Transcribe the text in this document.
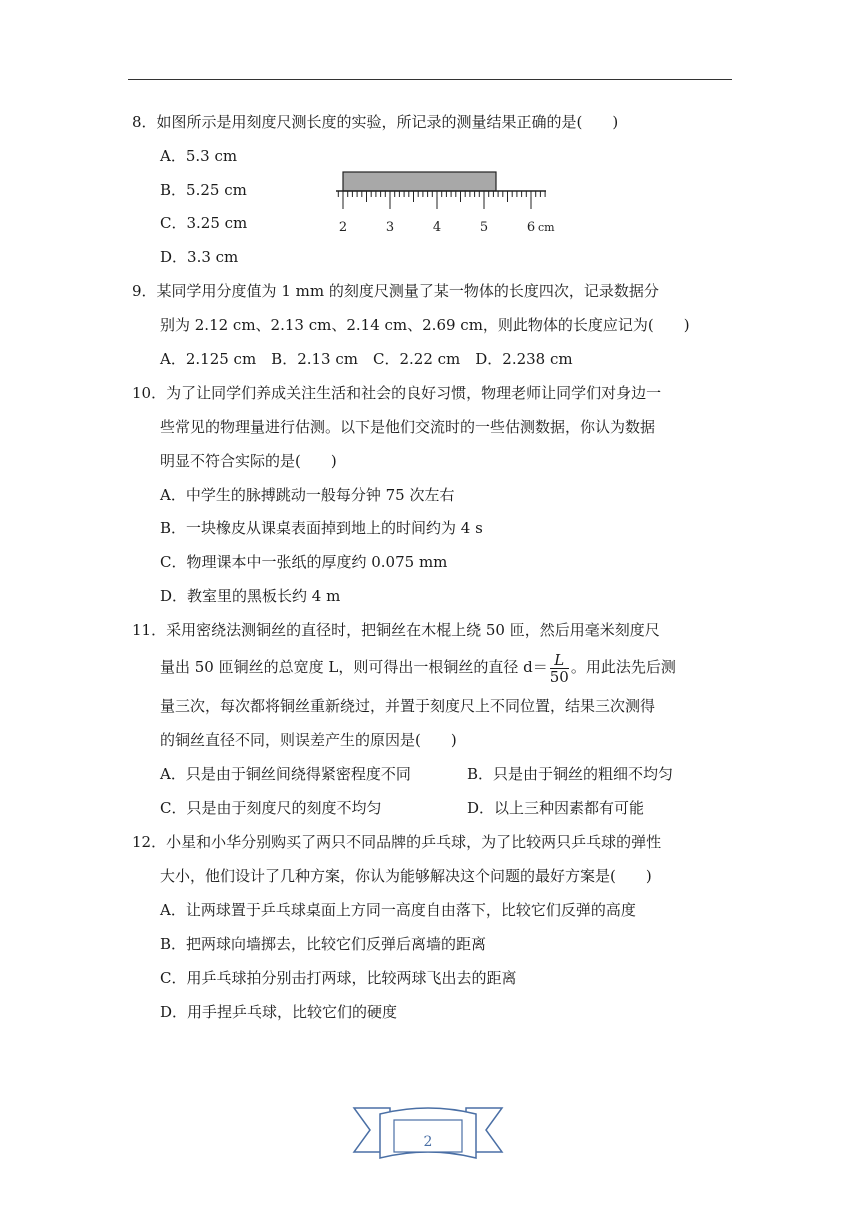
8．如图所示是用刻度尺测长度的实验，所记录的测量结果正确的是(　　)
A．5.3 cm
B．5.25 cm
C．3.25 cm
D．3.3 cm
9．某同学用分度值为 1 mm 的刻度尺测量了某一物体的长度四次，记录数据分
别为 2.12 cm、2.13 cm、2.14 cm、2.69 cm，则此物体的长度应记为(　　)
A．2.125 cm　B．2.13 cm　C．2.22 cm　D．2.238 cm
10．为了让同学们养成关注生活和社会的良好习惯，物理老师让同学们对身边一
些常见的物理量进行估测。以下是他们交流时的一些估测数据，你认为数据
明显不符合实际的是(　　)
A．中学生的脉搏跳动一般每分钟 75 次左右
B．一块橡皮从课桌表面掉到地上的时间约为 4 s
C．物理课本中一张纸的厚度约 0.075 mm
D．教室里的黑板长约 4 m
11．采用密绕法测铜丝的直径时，把铜丝在木棍上绕 50 匝，然后用毫米刻度尺
量出 50 匝铜丝的总宽度 L，则可得出一根铜丝的直径 $d= \frac{L}{50}$ 。用此法先后测
量三次，每次都将铜丝重新绕过，并置于刻度尺上不同位置，结果三次测得
的铜丝直径不同，则误差产生的原因是(　　)
A．只是由于铜丝间绕得紧密程度不同	B．只是由于铜丝的粗细不均匀
C．只是由于刻度尺的刻度不均匀	D．以上三种因素都有可能
12．小星和小华分别购买了两只不同品牌的乒乓球，为了比较两只乒乓球的弹性
大小，他们设计了几种方案，你认为能够解决这个问题的最好方案是(　　)
A．让两球置于乒乓球桌面上方同一高度自由落下，比较它们反弹的高度
B．把两球向墙掷去，比较它们反弹后离墙的距离
C．用乒乓球拍分别击打两球，比较两球飞出去的距离
D．用手捏乒乓球，比较它们的硬度
2	3	4	5	6 cm
2
